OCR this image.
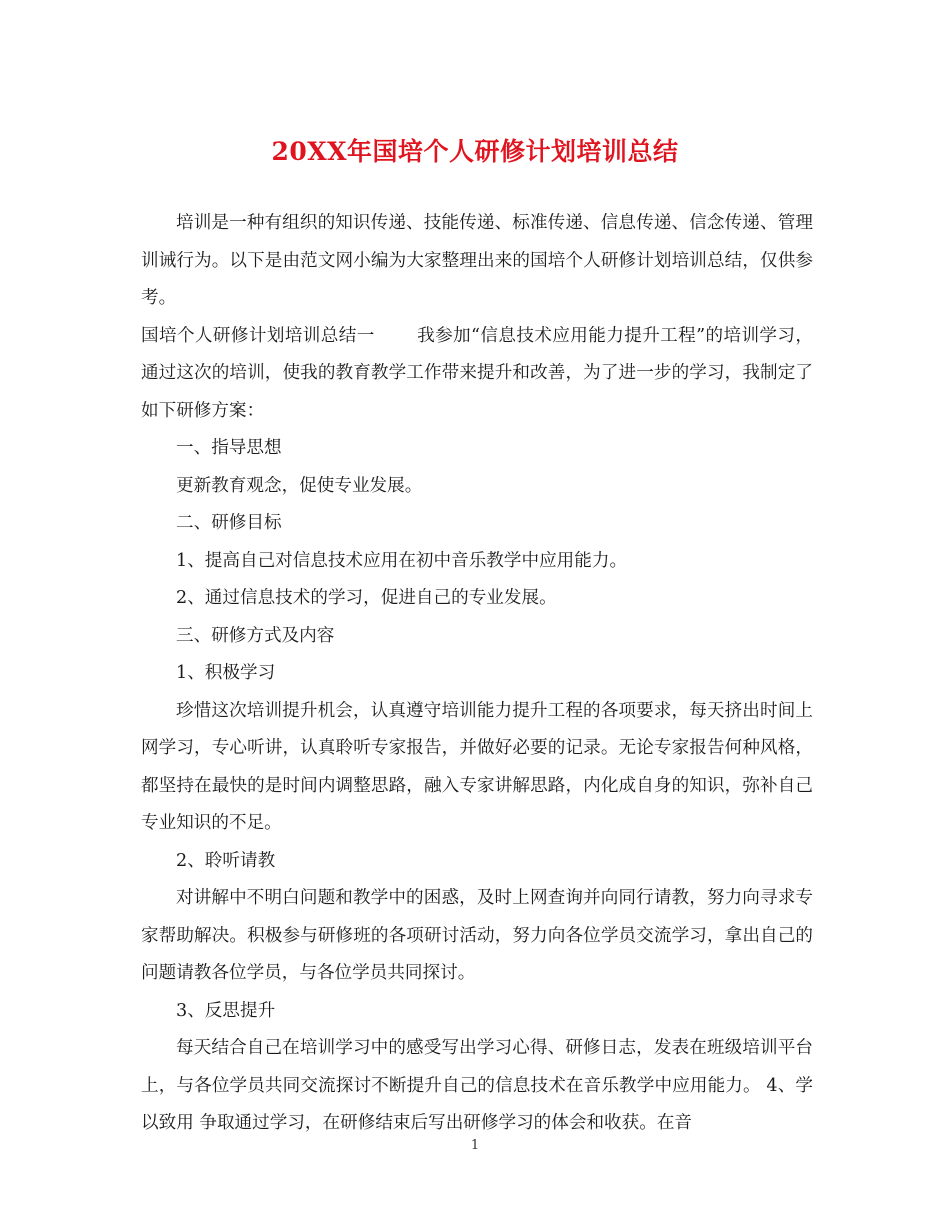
20XX年国培个人研修计划培训总结

培训是一种有组织的知识传递、技能传递、标准传递、信息传递、信念传递、管理训诫行为。以下是由范文网小编为大家整理出来的国培个人研修计划培训总结，仅供参考。

国培个人研修计划培训总结一 我参加“信息技术应用能力提升工程”的培训学习，通过这次的培训，使我的教育教学工作带来提升和改善，为了进一步的学习，我制定了如下研修方案：

一、指导思想

更新教育观念，促使专业发展。

二、研修目标

1、提高自己对信息技术应用在初中音乐教学中应用能力。

2、通过信息技术的学习，促进自己的专业发展。

三、研修方式及内容

1、积极学习

珍惜这次培训提升机会，认真遵守培训能力提升工程的各项要求，每天挤出时间上网学习，专心听讲，认真聆听专家报告，并做好必要的记录。无论专家报告何种风格，都坚持在最快的是时间内调整思路，融入专家讲解思路，内化成自身的知识，弥补自己专业知识的不足。

2、聆听请教

对讲解中不明白问题和教学中的困惑，及时上网查询并向同行请教，努力向寻求专家帮助解决。积极参与研修班的各项研讨活动，努力向各位学员交流学习，拿出自己的问题请教各位学员，与各位学员共同探讨。

3、反思提升

每天结合自己在培训学习中的感受写出学习心得、研修日志，发表在班级培训平台上，与各位学员共同交流探讨不断提升自己的信息技术在音乐教学中应用能力。 4、学以致用 争取通过学习，在研修结束后写出研修学习的体会和收获。在音

1
